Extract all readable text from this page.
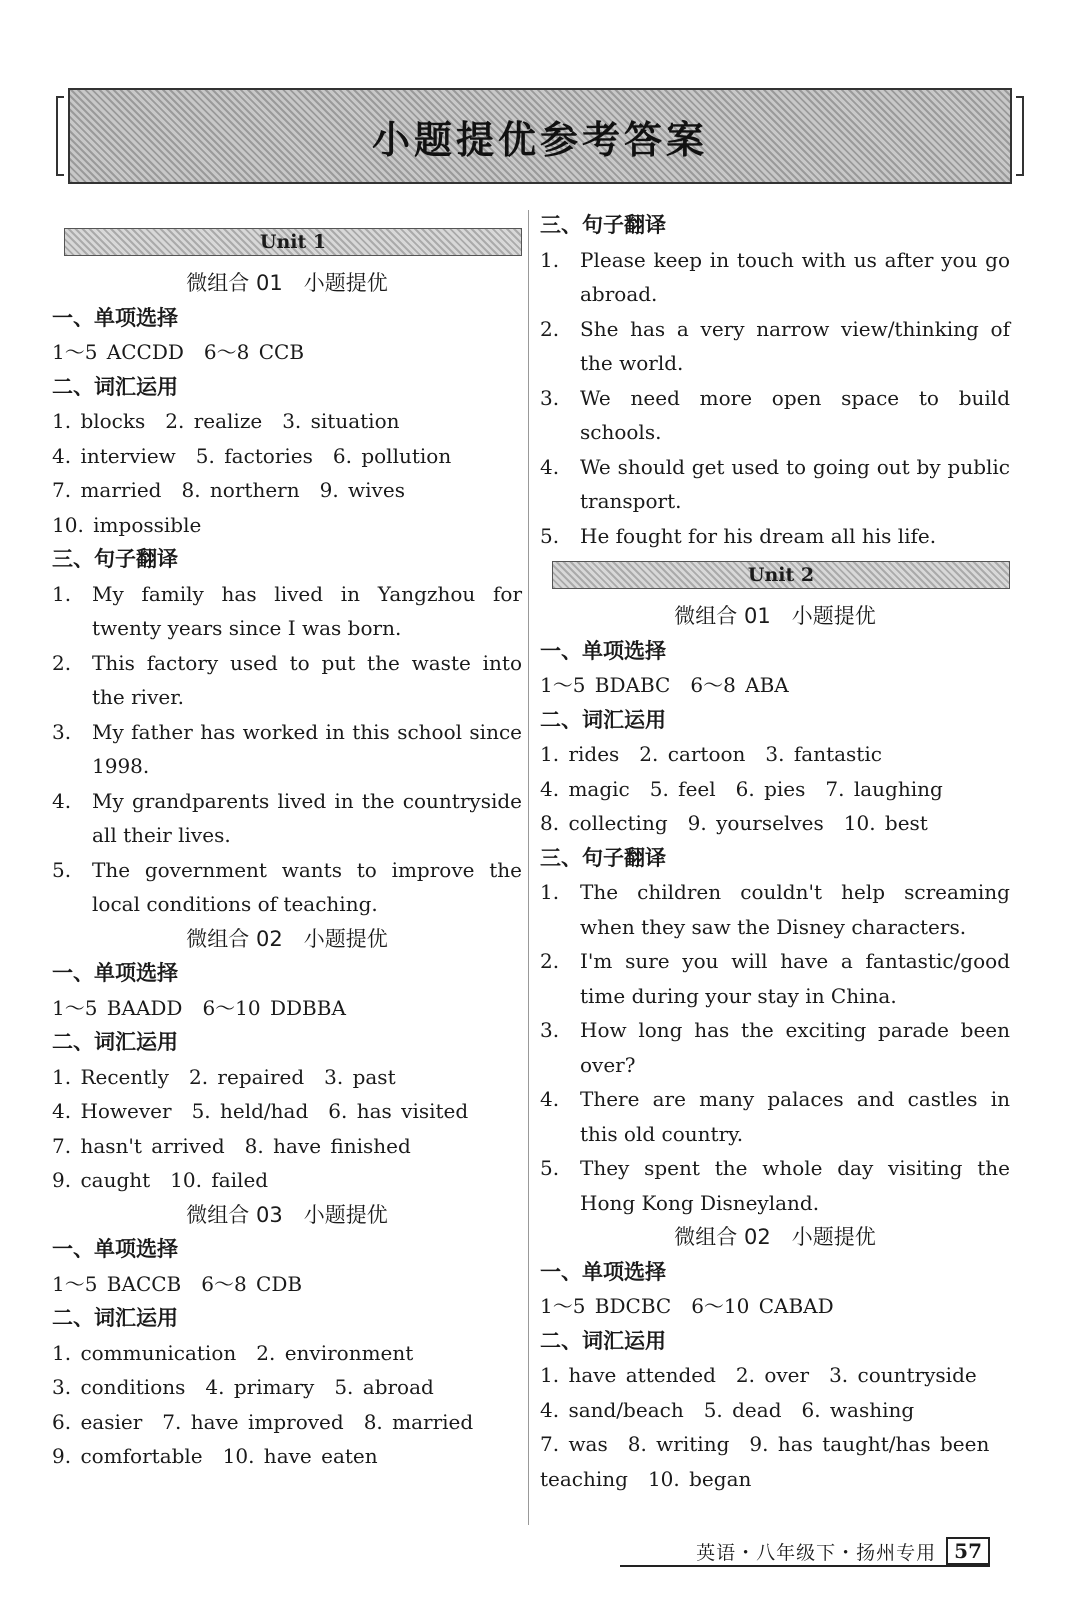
小题提优参考答案
Unit 1
微组合 01　小题提优
一、单项选择
1～5 ACCDD　6～8 CCB
二、词汇运用
1. blocks　2. realize　3. situation
4. interview　5. factories　6. pollution
7. married　8. northern　9. wives
10. impossible
三、句子翻译
1. My family has lived in Yangzhou for twenty years since I was born.
2. This factory used to put the waste into the river.
3. My father has worked in this school since 1998.
4. My grandparents lived in the countryside all their lives.
5. The government wants to improve the local conditions of teaching.
微组合 02　小题提优
一、单项选择
1～5 BAADD　6～10 DDBBA
二、词汇运用
1. Recently　2. repaired　3. past
4. However　5. held/had　6. has visited
7. hasn't arrived　8. have finished
9. caught　10. failed
微组合 03　小题提优
一、单项选择
1～5 BACCB　6～8 CDB
二、词汇运用
1. communication　2. environment
3. conditions　4. primary　5. abroad
6. easier　7. have improved　8. married
9. comfortable　10. have eaten
三、句子翻译
1. Please keep in touch with us after you go abroad.
2. She has a very narrow view/thinking of the world.
3. We need more open space to build schools.
4. We should get used to going out by public transport.
5. He fought for his dream all his life.
Unit 2
微组合 01　小题提优
一、单项选择
1～5 BDABC　6～8 ABA
二、词汇运用
1. rides　2. cartoon　3. fantastic
4. magic　5. feel　6. pies　7. laughing
8. collecting　9. yourselves　10. best
三、句子翻译
1. The children couldn't help screaming when they saw the Disney characters.
2. I'm sure you will have a fantastic/good time during your stay in China.
3. How long has the exciting parade been over?
4. There are many palaces and castles in this old country.
5. They spent the whole day visiting the Hong Kong Disneyland.
微组合 02　小题提优
一、单项选择
1～5 BDCBC　6～10 CABAD
二、词汇运用
1. have attended　2. over　3. countryside
4. sand/beach　5. dead　6. washing
7. was　8. writing　9. has taught/has been
teaching　10. began
英语・八年级下・扬州专用 57
